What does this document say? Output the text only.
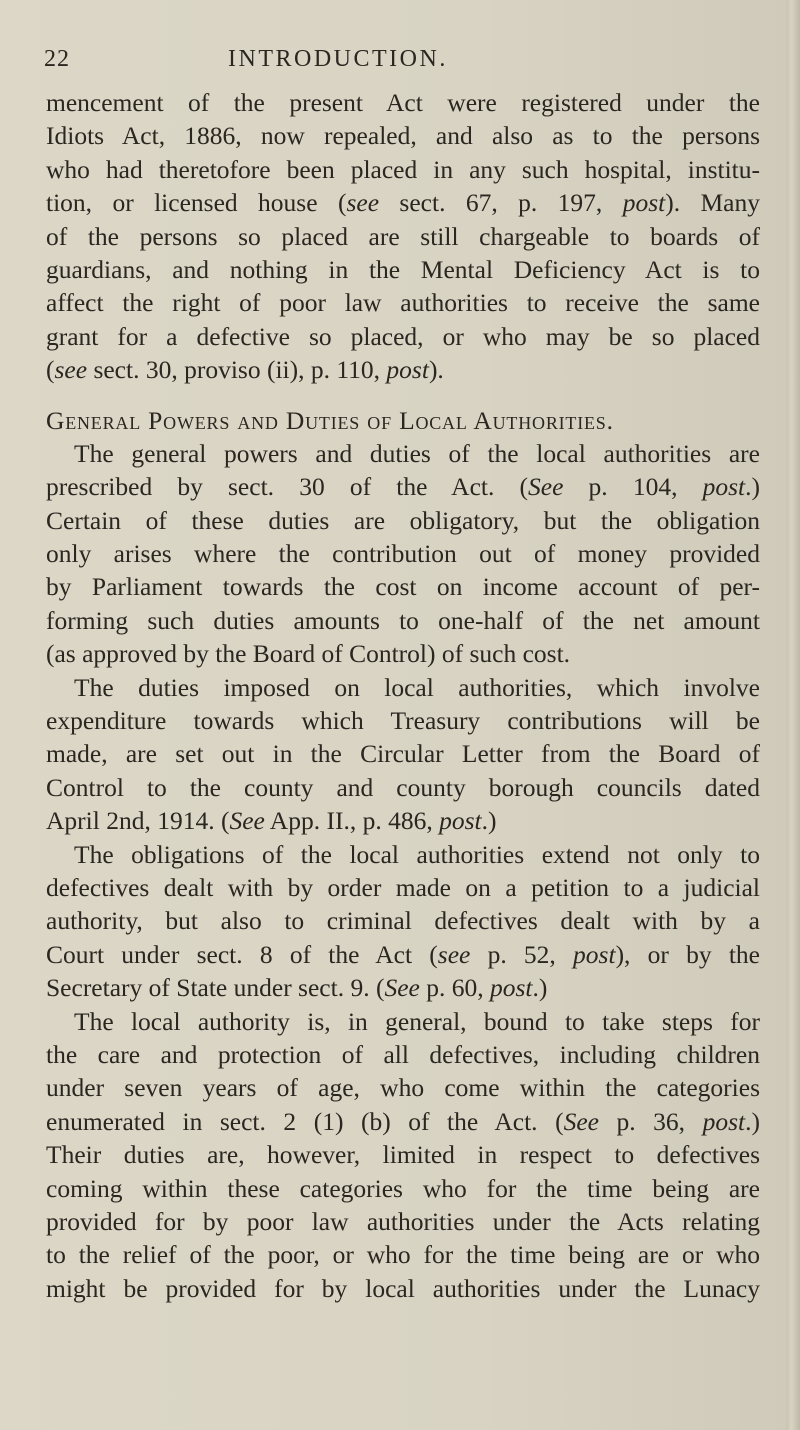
22	INTRODUCTION.
mencement of the present Act were registered under the
Idiots Act, 1886, now repealed, and also as to the persons
who had theretofore been placed in any such hospital, institu-
tion, or licensed house (see sect. 67, p. 197, post). Many
of the persons so placed are still chargeable to boards of
guardians, and nothing in the Mental Deficiency Act is to
affect the right of poor law authorities to receive the same
grant for a defective so placed, or who may be so placed
(see sect. 30, proviso (ii), p. 110, post).
General Powers and Duties of Local Authorities.
The general powers and duties of the local authorities are
prescribed by sect. 30 of the Act. (See p. 104, post.)
Certain of these duties are obligatory, but the obligation
only arises where the contribution out of money provided
by Parliament towards the cost on income account of per-
forming such duties amounts to one-half of the net amount
(as approved by the Board of Control) of such cost.
The duties imposed on local authorities, which involve
expenditure towards which Treasury contributions will be
made, are set out in the Circular Letter from the Board of
Control to the county and county borough councils dated
April 2nd, 1914. (See App. II., p. 486, post.)
The obligations of the local authorities extend not only to
defectives dealt with by order made on a petition to a judicial
authority, but also to criminal defectives dealt with by a
Court under sect. 8 of the Act (see p. 52, post), or by the
Secretary of State under sect. 9. (See p. 60, post.)
The local authority is, in general, bound to take steps for
the care and protection of all defectives, including children
under seven years of age, who come within the categories
enumerated in sect. 2 (1) (b) of the Act. (See p. 36, post.)
Their duties are, however, limited in respect to defectives
coming within these categories who for the time being are
provided for by poor law authorities under the Acts relating
to the relief of the poor, or who for the time being are or who
might be provided for by local authorities under the Lunacy
